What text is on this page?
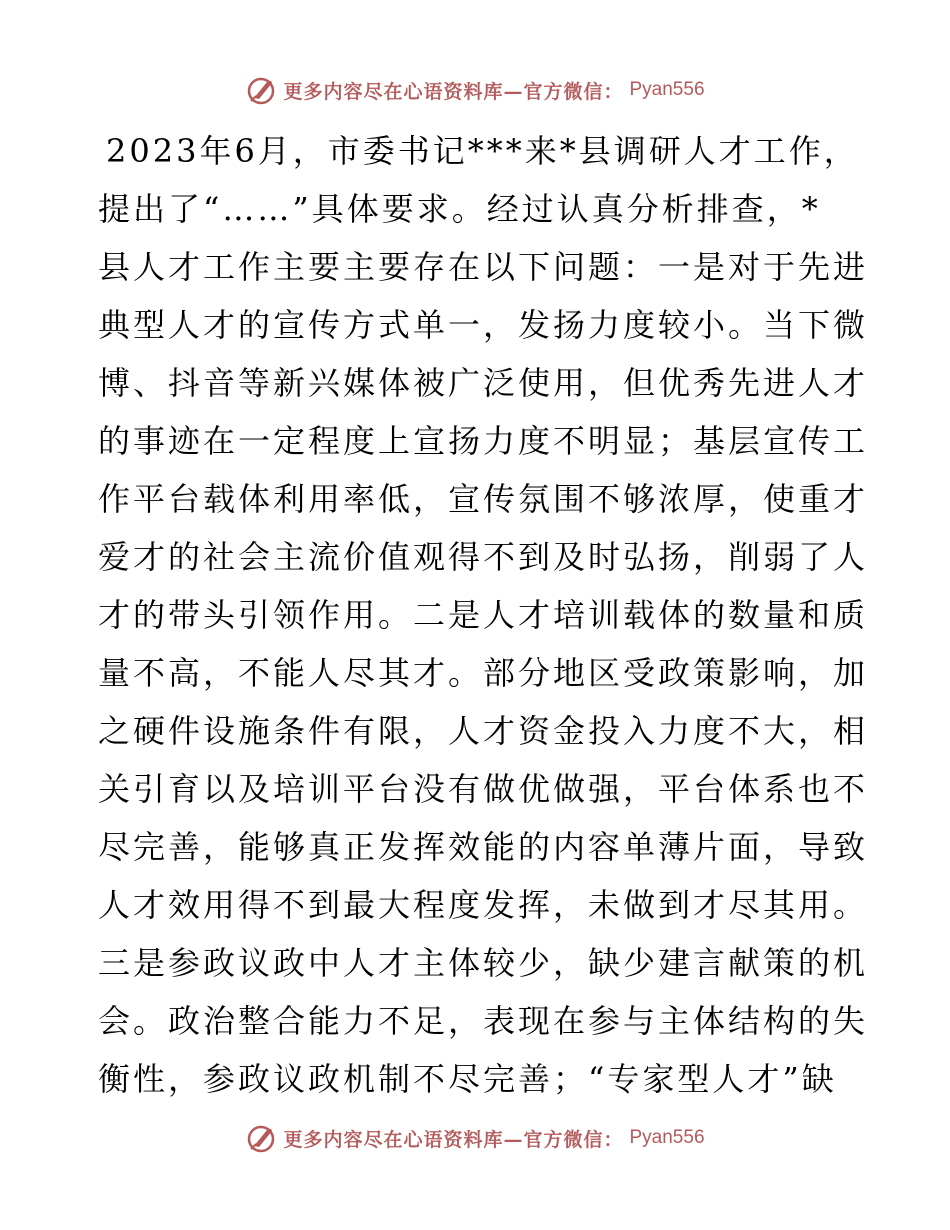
更多内容尽在心语资料库—官方微信： Pyan556
2023年6月，市委书记***来*县调研人才工作，
提出了“……”具体要求。经过认真分析排查，*
县人才工作主要主要存在以下问题：一是对于先进
典型人才的宣传方式单一，发扬力度较小。当下微
博、抖音等新兴媒体被广泛使用，但优秀先进人才
的事迹在一定程度上宣扬力度不明显；基层宣传工
作平台载体利用率低，宣传氛围不够浓厚，使重才
爱才的社会主流价值观得不到及时弘扬，削弱了人
才的带头引领作用。二是人才培训载体的数量和质
量不高，不能人尽其才。部分地区受政策影响，加
之硬件设施条件有限，人才资金投入力度不大，相
关引育以及培训平台没有做优做强，平台体系也不
尽完善，能够真正发挥效能的内容单薄片面，导致
人才效用得不到最大程度发挥，未做到才尽其用。
三是参政议政中人才主体较少，缺少建言献策的机
会。政治整合能力不足，表现在参与主体结构的失
衡性，参政议政机制不尽完善；“专家型人才”缺
更多内容尽在心语资料库—官方微信： Pyan556
